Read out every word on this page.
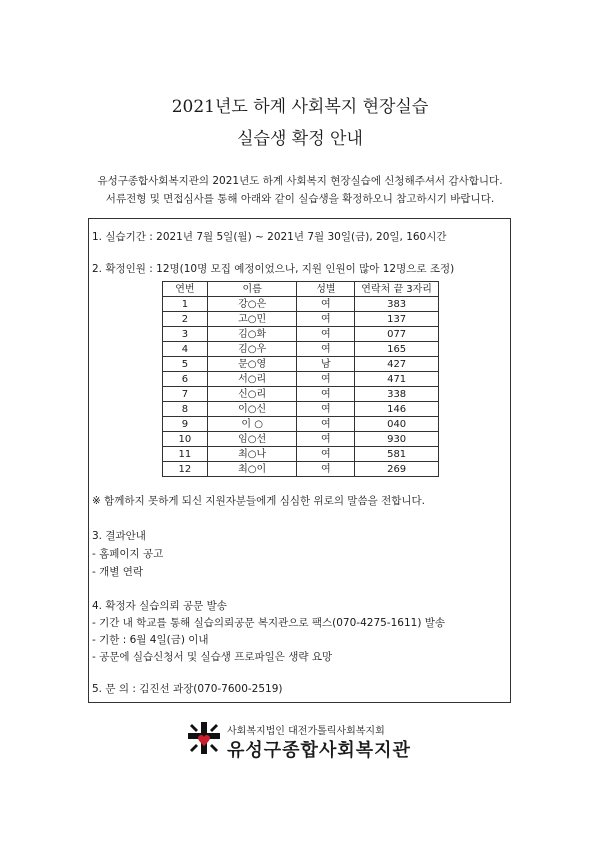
2021년도 하계 사회복지 현장실습
실습생 확정 안내
유성구종합사회복지관의 2021년도 하계 사회복지 현장실습에 신청해주셔서 감사합니다.
서류전형 및 면접심사를 통해 아래와 같이 실습생을 확정하오니 참고하시기 바랍니다.
1. 실습기간 : 2021년 7월 5일(월) ~ 2021년 7월 30일(금), 20일, 160시간
2. 확정인원 : 12명(10명 모집 예정이었으나, 지원 인원이 많아 12명으로 조정)
연번	이름	성별	연락처 끝 3자리
1	강○은	여	383
2	고○민	여	137
3	김○화	여	077
4	김○우	여	165
5	문○영	남	427
6	서○리	여	471
7	신○리	여	338
8	이○신	여	146
9	이 ○	여	040
10	임○선	여	930
11	최○나	여	581
12	최○이	여	269
※ 함께하지 못하게 되신 지원자분들에게 심심한 위로의 말씀을 전합니다.
3. 결과안내
- 홈페이지 공고
- 개별 연락
4. 확정자 실습의뢰 공문 발송
- 기간 내 학교를 통해 실습의뢰공문 복지관으로 팩스(070-4275-1611) 발송
- 기한 : 6월 4일(금) 이내
- 공문에 실습신청서 및 실습생 프로파일은 생략 요망
5. 문 의 : 김진선 과장(070-7600-2519)
사회복지법인 대전가톨릭사회복지회
유성구종합사회복지관
